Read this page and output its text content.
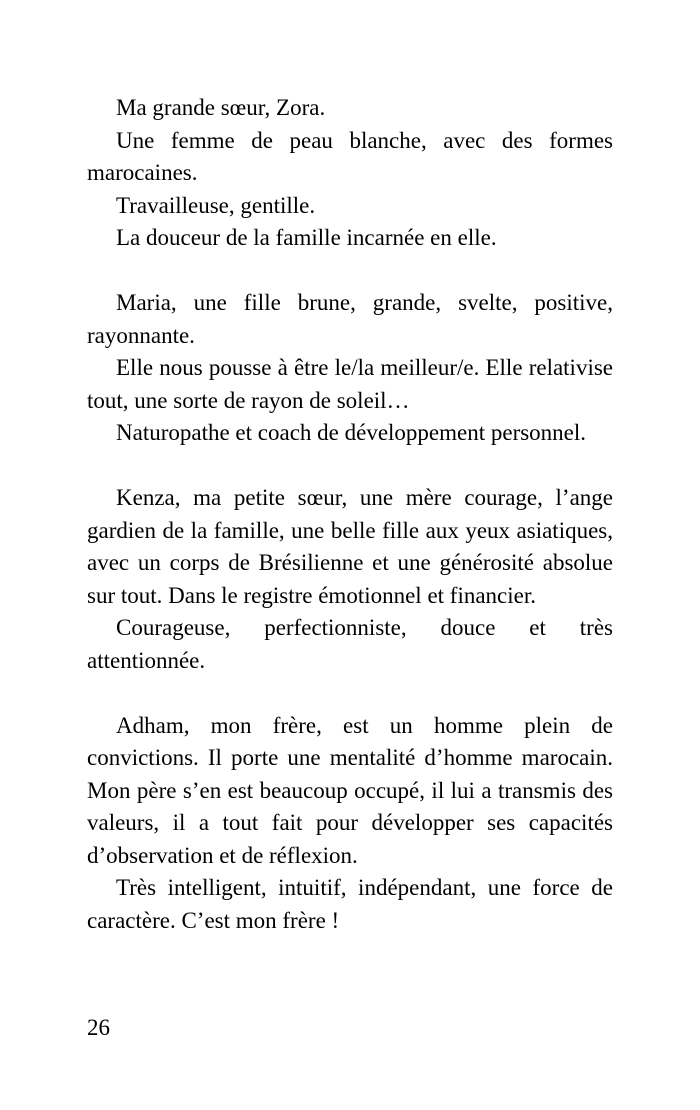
Ma grande sœur, Zora.

Une femme de peau blanche, avec des formes marocaines.

Travailleuse, gentille.

La douceur de la famille incarnée en elle.

Maria, une fille brune, grande, svelte, positive, rayonnante.

Elle nous pousse à être le/la meilleur/e. Elle relativise tout, une sorte de rayon de soleil…

Naturopathe et coach de développement personnel.

Kenza, ma petite sœur, une mère courage, l’ange gardien de la famille, une belle fille aux yeux asiatiques, avec un corps de Brésilienne et une générosité absolue sur tout. Dans le registre émotionnel et financier.

Courageuse, perfectionniste, douce et très attentionnée.

Adham, mon frère, est un homme plein de convictions. Il porte une mentalité d’homme marocain. Mon père s’en est beaucoup occupé, il lui a transmis des valeurs, il a tout fait pour développer ses capacités d’observation et de réflexion.

Très intelligent, intuitif, indépendant, une force de caractère. C’est mon frère !

26
